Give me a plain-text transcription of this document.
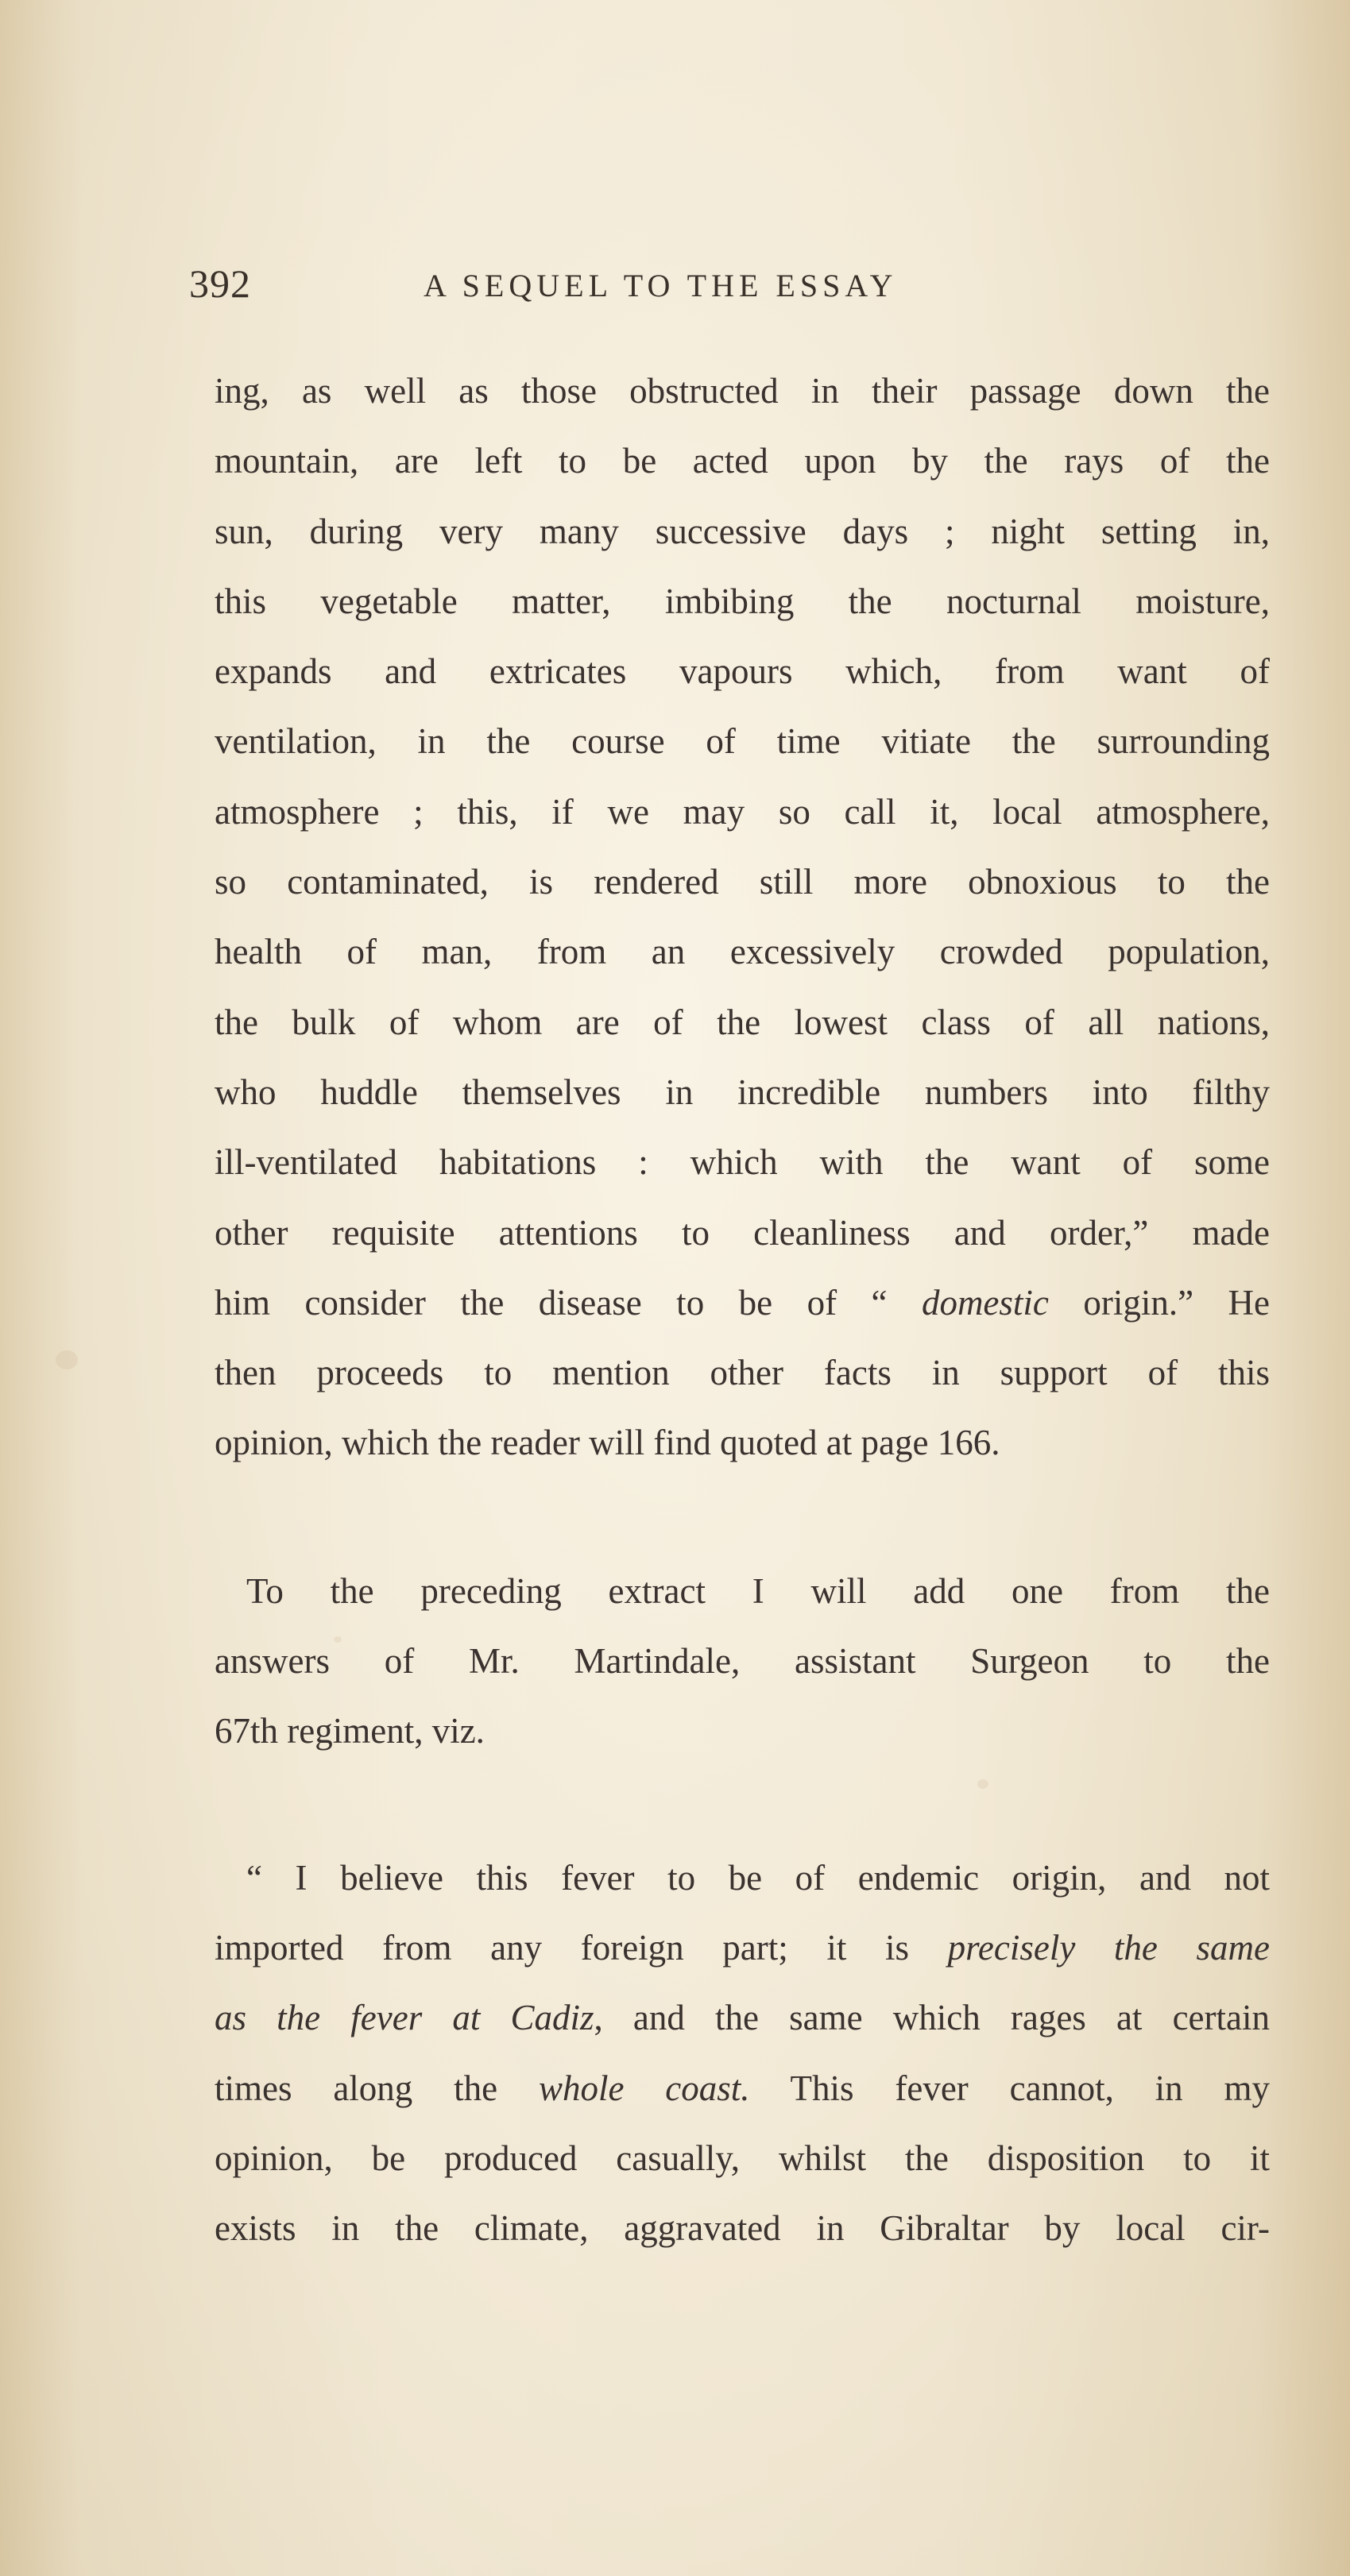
392	A SEQUEL TO THE ESSAY
ing, as well as those obstructed in their passage down the
mountain, are left to be acted upon by the rays of the
sun, during very many successive days ; night setting in,
this vegetable matter, imbibing the nocturnal moisture,
expands and extricates vapours which, from want of
ventilation, in the course of time vitiate the surrounding
atmosphere ; this, if we may so call it, local atmosphere,
so contaminated, is rendered still more obnoxious to the
health of man, from an excessively crowded population,
the bulk of whom are of the lowest class of all nations,
who huddle themselves in incredible numbers into filthy
ill-ventilated habitations : which with the want of some
other requisite attentions to cleanliness and order,” made
him consider the disease to be of “ domestic origin.” He
then proceeds to mention other facts in support of this
opinion, which the reader will find quoted at page 166.
To the preceding extract I will add one from the
answers of Mr. Martindale, assistant Surgeon to the
67th regiment, viz.
“ I believe this fever to be of endemic origin, and not
imported from any foreign part; it is precisely the same
as the fever at Cadiz, and the same which rages at certain
times along the whole coast. This fever cannot, in my
opinion, be produced casually, whilst the disposition to it
exists in the climate, aggravated in Gibraltar by local cir-
